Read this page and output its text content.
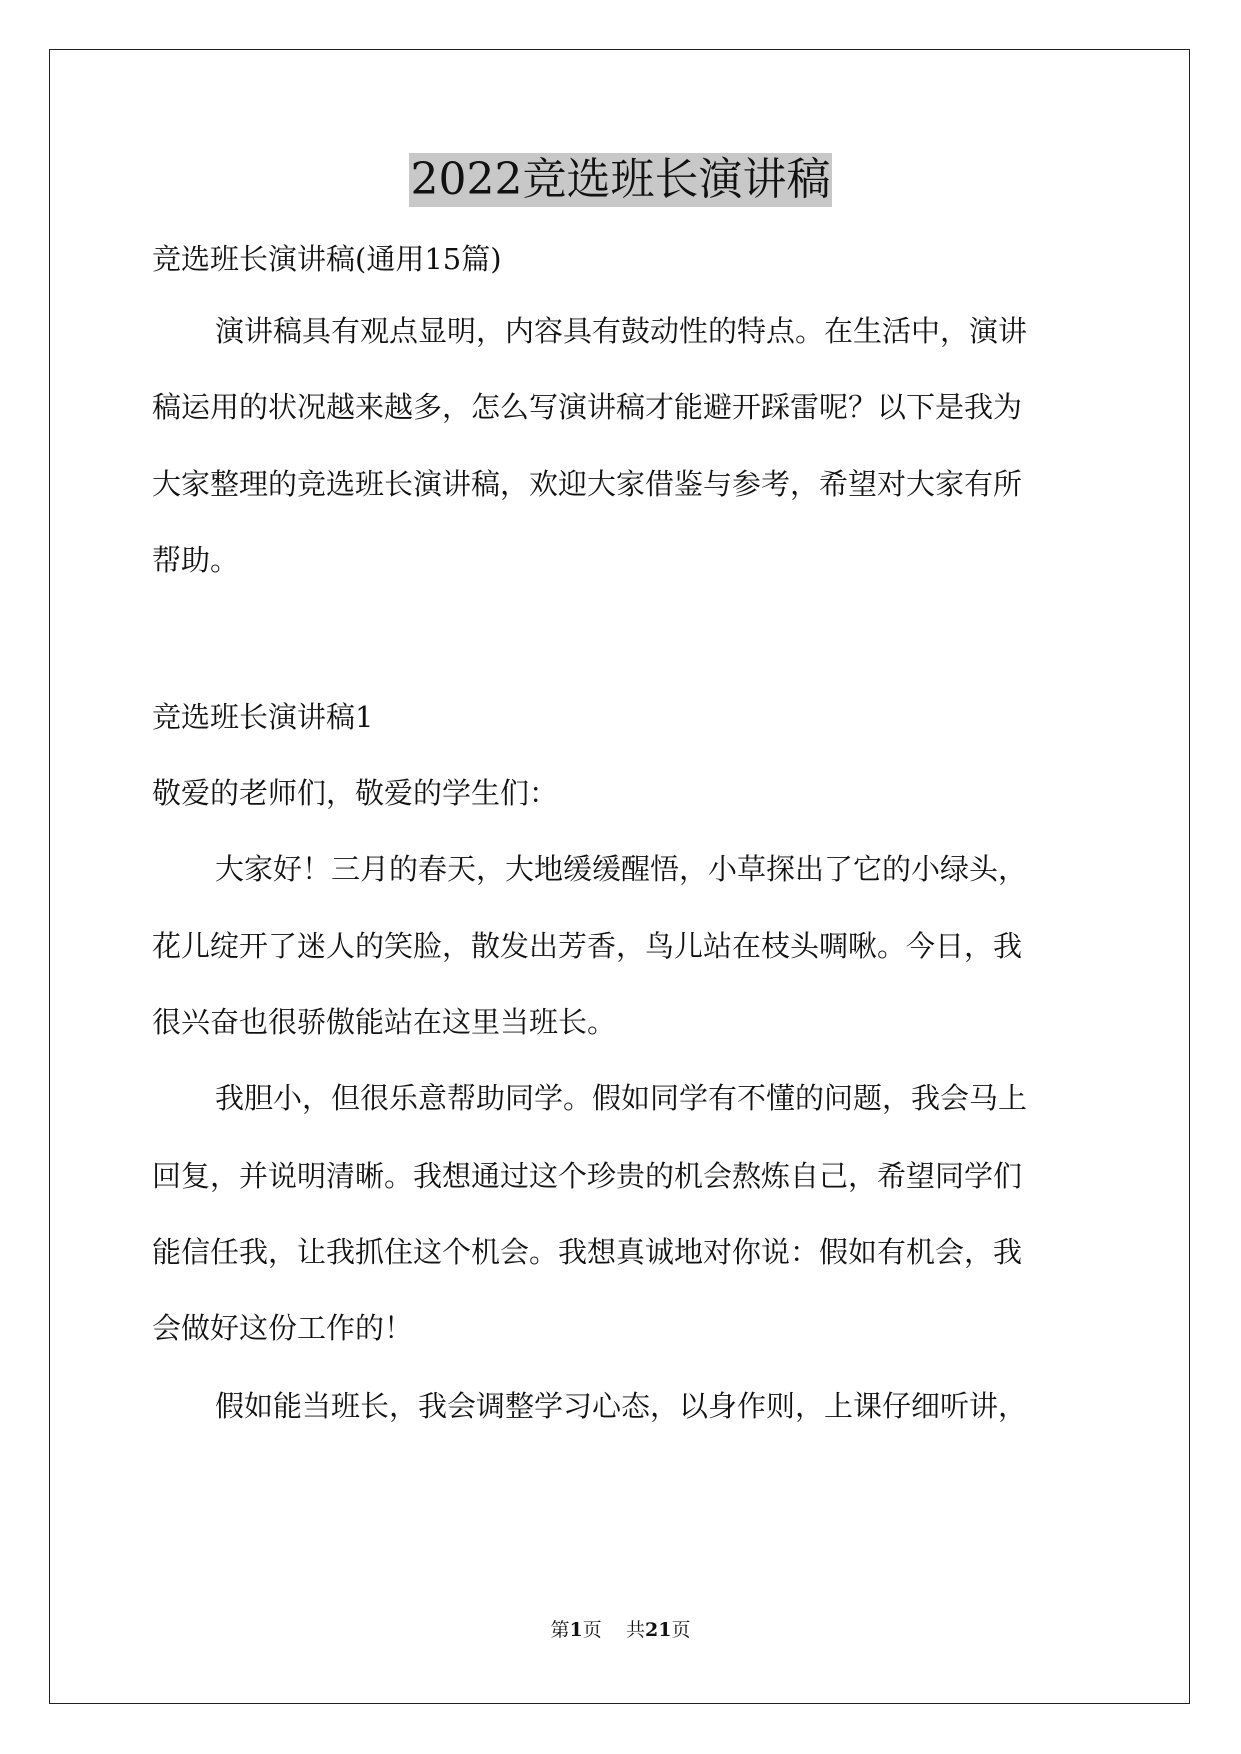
2022竞选班长演讲稿

竞选班长演讲稿(通用15篇)

演讲稿具有观点显明，内容具有鼓动性的特点。在生活中，演讲

稿运用的状况越来越多，怎么写演讲稿才能避开踩雷呢？以下是我为

大家整理的竞选班长演讲稿，欢迎大家借鉴与参考，希望对大家有所

帮助。

竞选班长演讲稿1

敬爱的老师们，敬爱的学生们：

大家好！三月的春天，大地缓缓醒悟，小草探出了它的小绿头，

花儿绽开了迷人的笑脸，散发出芳香，鸟儿站在枝头啁啾。今日，我

很兴奋也很骄傲能站在这里当班长。

我胆小，但很乐意帮助同学。假如同学有不懂的问题，我会马上

回复，并说明清晰。我想通过这个珍贵的机会熬炼自己，希望同学们

能信任我，让我抓住这个机会。我想真诚地对你说：假如有机会，我

会做好这份工作的！

假如能当班长，我会调整学习心态，以身作则，上课仔细听讲，

第1页 共21页
